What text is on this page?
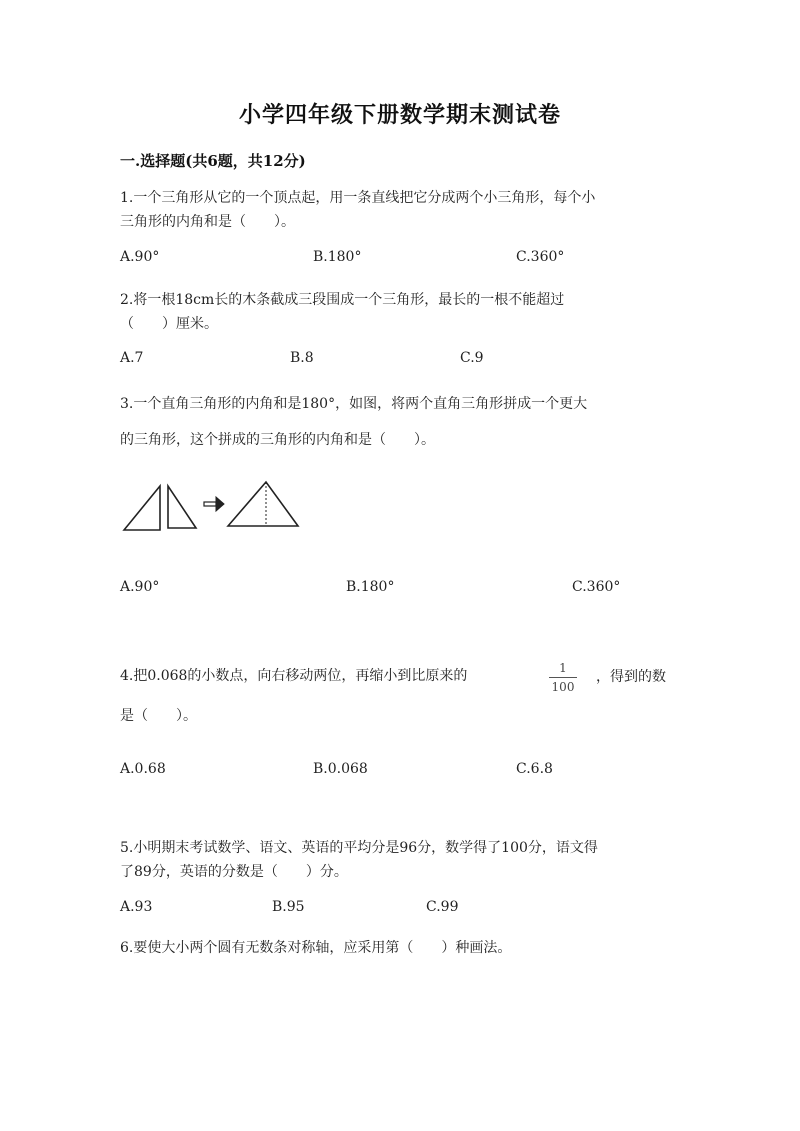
小学四年级下册数学期末测试卷
一.选择题(共6题，共12分)
1.一个三角形从它的一个顶点起，用一条直线把它分成两个小三角形，每个小
三角形的内角和是（　　）。
A.90°	B.180°	C.360°
2.将一根18cm长的木条截成三段围成一个三角形，最长的一根不能超过
（　　）厘米。
A.7	B.8	C.9
3.一个直角三角形的内角和是180°，如图，将两个直角三角形拼成一个更大
的三角形，这个拼成的三角形的内角和是（　　）。
A.90°	B.180°	C.360°
4.把0.068的小数点，向右移动两位，再缩小到比原来的	1
100
，得到的数
是（　　）。
A.0.68	B.0.068	C.6.8
5.小明期末考试数学、语文、英语的平均分是96分，数学得了100分，语文得
了89分，英语的分数是（　　）分。
A.93	B.95	C.99
6.要使大小两个圆有无数条对称轴，应采用第（　　）种画法。
